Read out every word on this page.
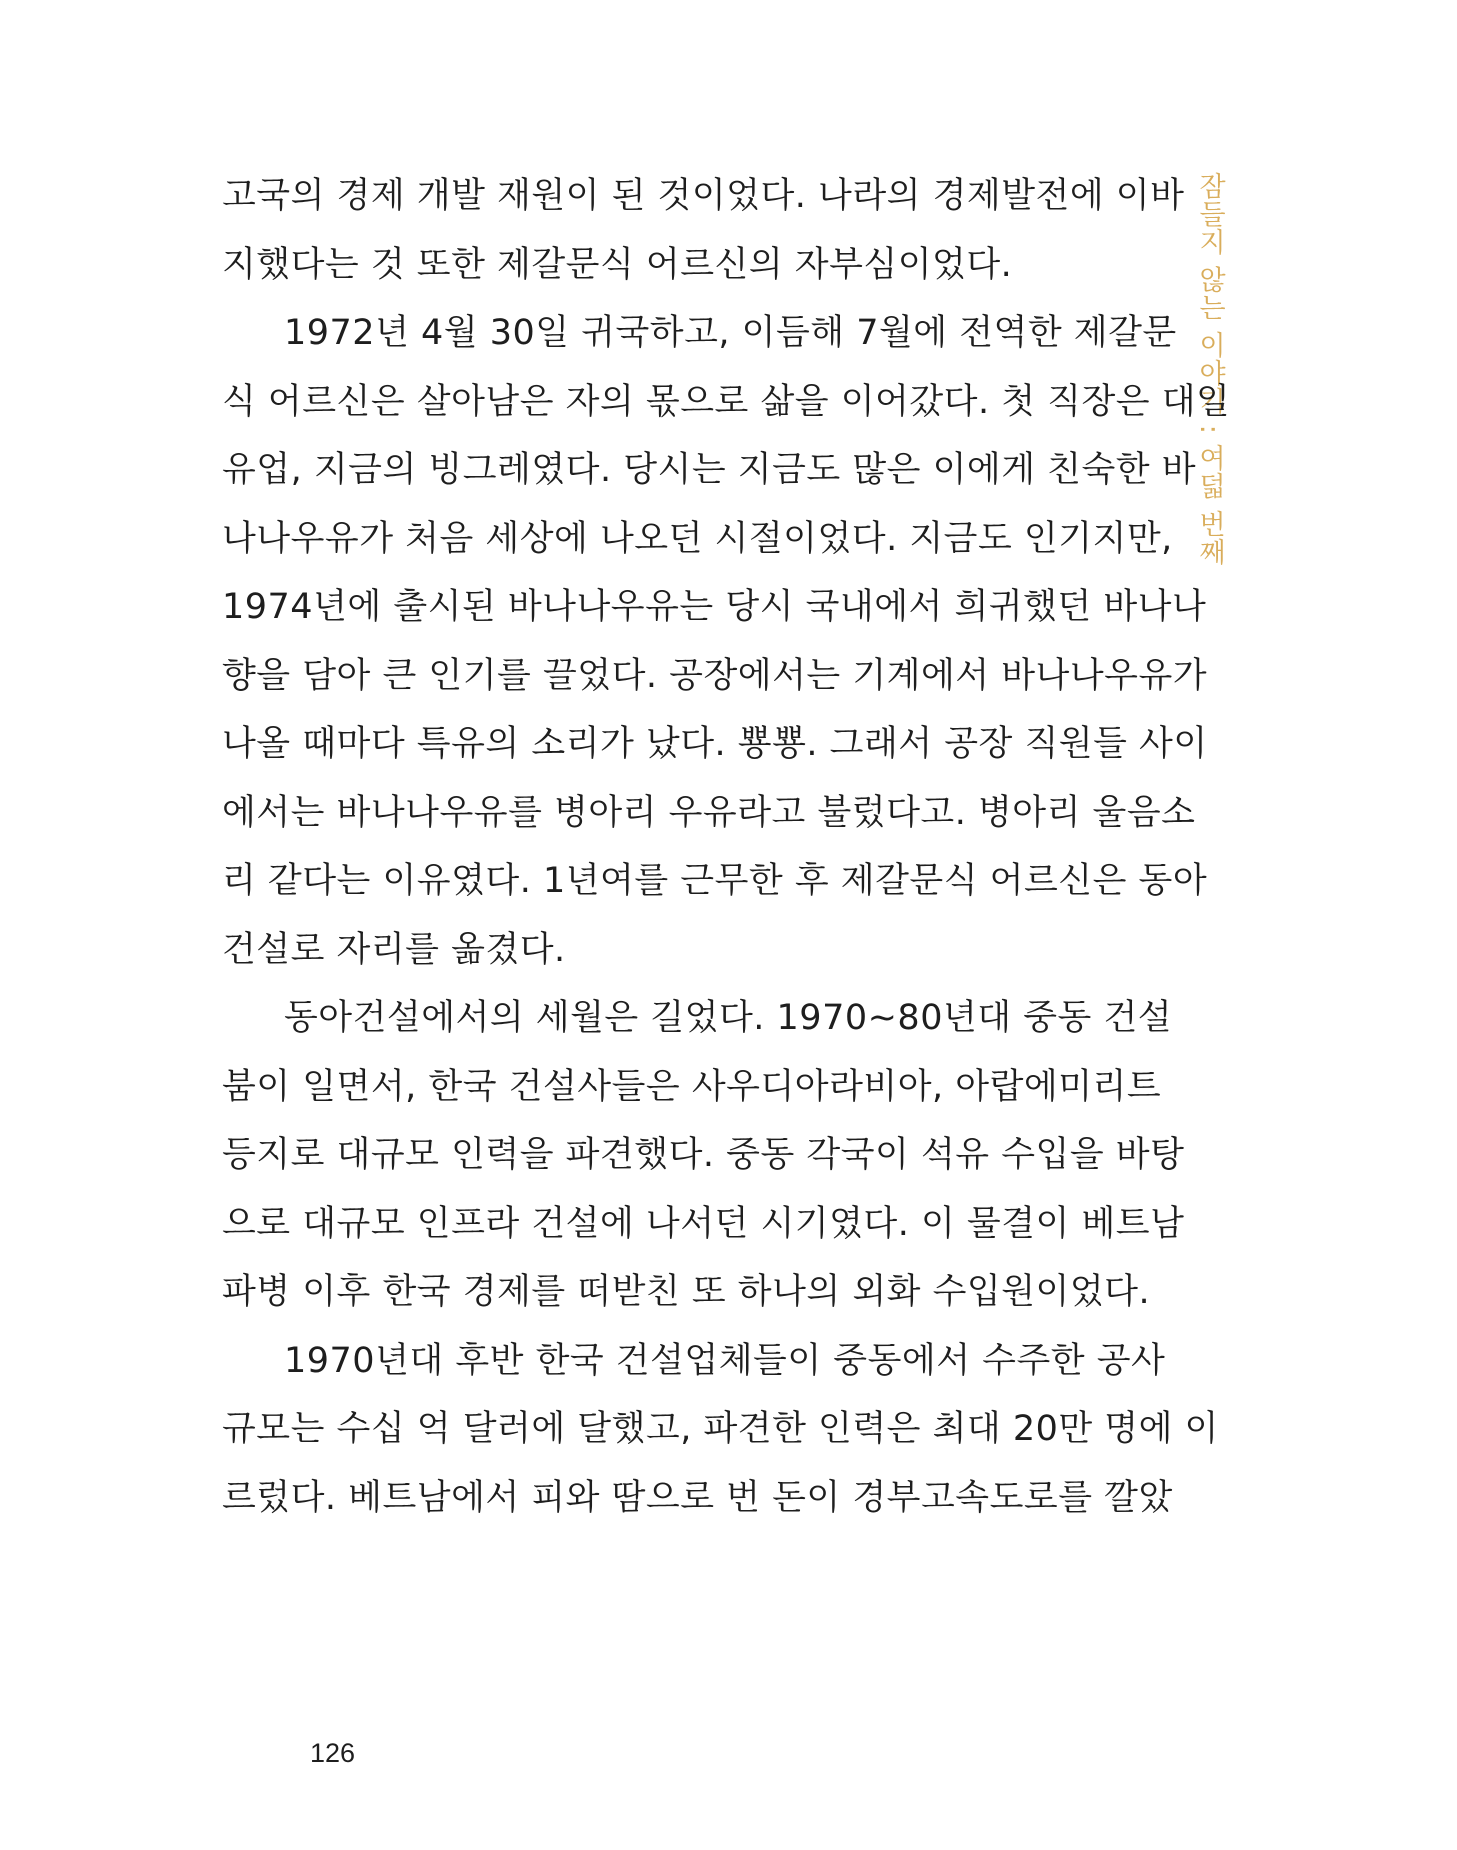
잠들지 않는 이야기 : 여덟 번째
고국의 경제 개발 재원이 된 것이었다. 나라의 경제발전에 이바
지했다는 것 또한 제갈문식 어르신의 자부심이었다.
1972년 4월 30일 귀국하고, 이듬해 7월에 전역한 제갈문
식 어르신은 살아남은 자의 몫으로 삶을 이어갔다. 첫 직장은 대일
유업, 지금의 빙그레였다. 당시는 지금도 많은 이에게 친숙한 바
나나우유가 처음 세상에 나오던 시절이었다. 지금도 인기지만,
1974년에 출시된 바나나우유는 당시 국내에서 희귀했던 바나나
향을 담아 큰 인기를 끌었다. 공장에서는 기계에서 바나나우유가
나올 때마다 특유의 소리가 났다. 뿅뿅. 그래서 공장 직원들 사이
에서는 바나나우유를 병아리 우유라고 불렀다고. 병아리 울음소
리 같다는 이유였다. 1년여를 근무한 후 제갈문식 어르신은 동아
건설로 자리를 옮겼다.
동아건설에서의 세월은 길었다. 1970~80년대 중동 건설
붐이 일면서, 한국 건설사들은 사우디아라비아, 아랍에미리트
등지로 대규모 인력을 파견했다. 중동 각국이 석유 수입을 바탕
으로 대규모 인프라 건설에 나서던 시기였다. 이 물결이 베트남
파병 이후 한국 경제를 떠받친 또 하나의 외화 수입원이었다.
1970년대 후반 한국 건설업체들이 중동에서 수주한 공사
규모는 수십 억 달러에 달했고, 파견한 인력은 최대 20만 명에 이
르렀다. 베트남에서 피와 땀으로 번 돈이 경부고속도로를 깔았
126
